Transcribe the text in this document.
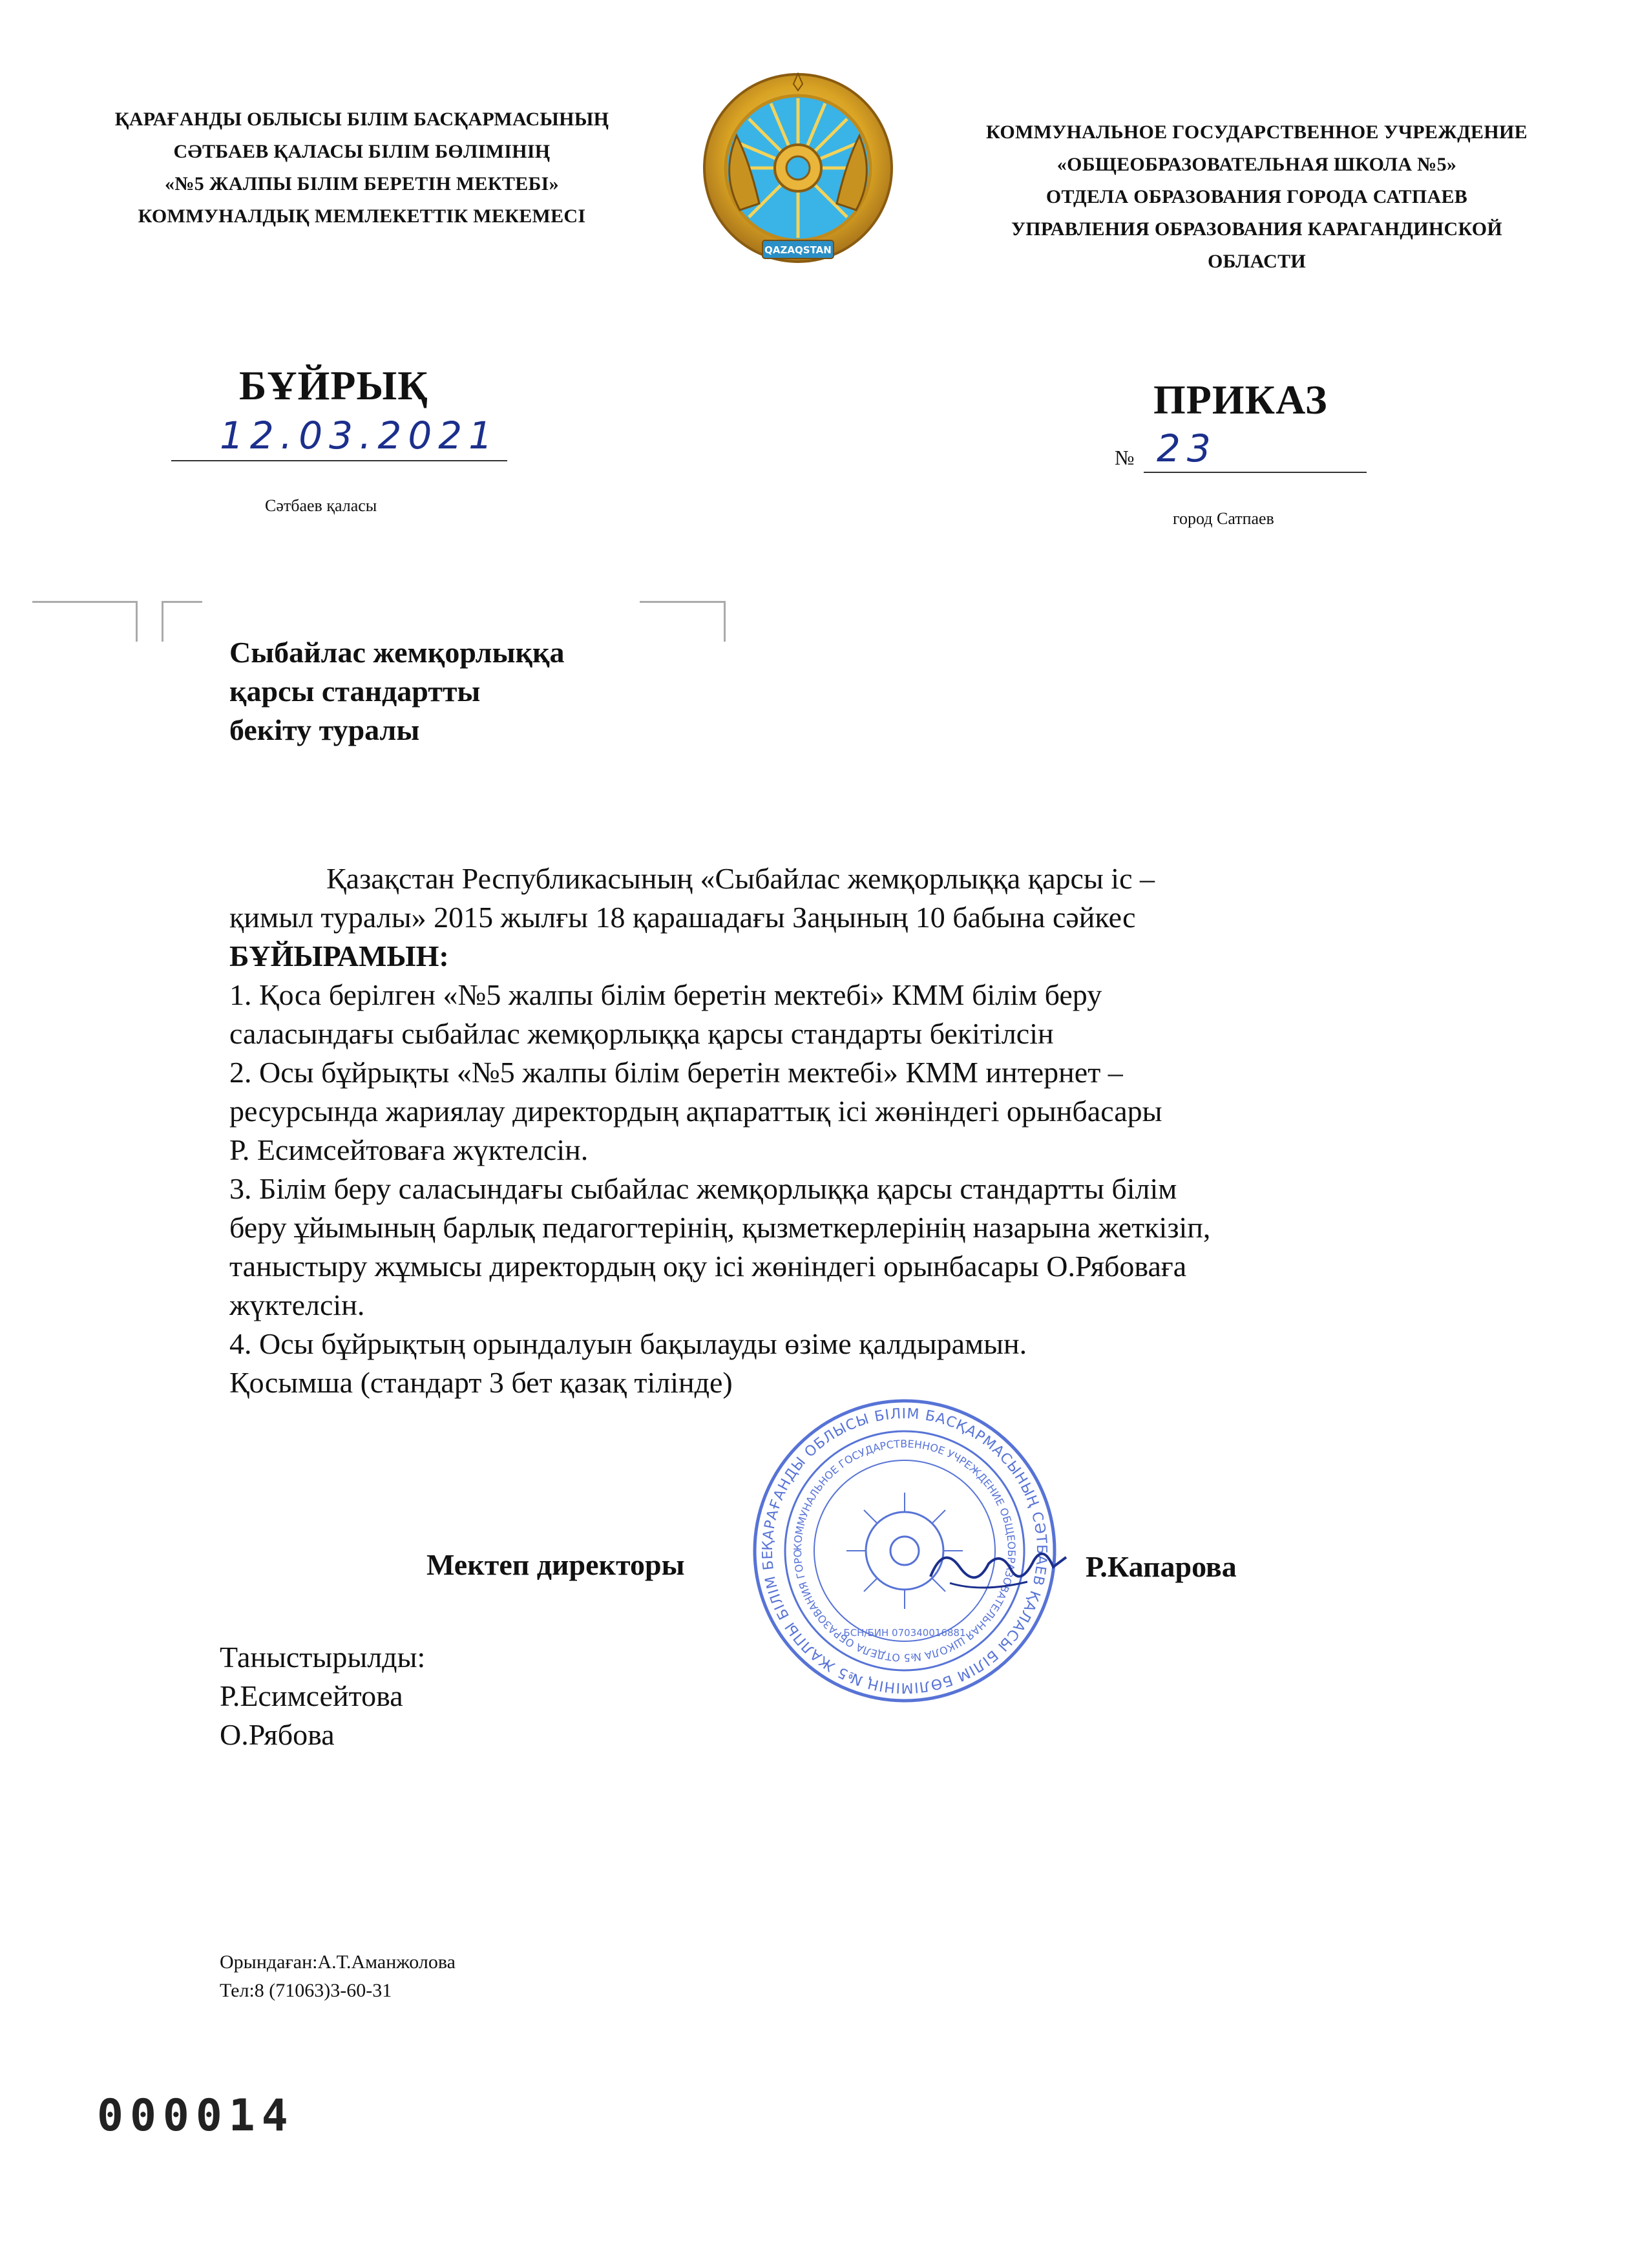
ҚАРАҒАНДЫ ОБЛЫСЫ БІЛІМ БАСҚАРМАСЫНЫҢ
СӘТБАЕВ ҚАЛАСЫ БІЛІМ БӨЛІМІНІҢ
«№5 ЖАЛПЫ БІЛІМ БЕРЕТІН МЕКТЕБІ»
КОММУНАЛДЫҚ МЕМЛЕКЕТТІК МЕКЕМЕСІ
QAZAQSTAN
КОММУНАЛЬНОЕ ГОСУДАРСТВЕННОЕ УЧРЕЖДЕНИЕ
«ОБЩЕОБРАЗОВАТЕЛЬНАЯ ШКОЛА №5»
ОТДЕЛА ОБРАЗОВАНИЯ ГОРОДА САТПАЕВ
УПРАВЛЕНИЯ ОБРАЗОВАНИЯ КАРАГАНДИНСКОЙ
ОБЛАСТИ
БҰЙРЫҚ	ПРИКАЗ
12.03.2021	№ 23
Сәтбаев қаласы
город Сатпаев
Сыбайлас жемқорлыққа
қарсы стандартты
бекіту туралы
Қазақстан Республикасының «Сыбайлас жемқорлыққа қарсы іс –
қимыл туралы» 2015 жылғы 18 қарашадағы Заңының 10 бабына сәйкес
БҰЙЫРАМЫН:
1. Қоса берілген «№5 жалпы білім беретін мектебі» КММ білім беру
саласындағы сыбайлас жемқорлыққа қарсы стандарты бекітілсін
2. Осы бұйрықты «№5 жалпы білім беретін мектебі» КММ интернет –
ресурсында жариялау директордың ақпараттық ісі жөніндегі орынбасары
Р. Есимсейтоваға жүктелсін.
3. Білім беру саласындағы сыбайлас жемқорлыққа қарсы стандартты білім
беру ұйымының барлық педагогтерінің, қызметкерлерінің назарына жеткізіп,
таныстыру жұмысы директордың оқу ісі жөніндегі орынбасары О.Рябоваға
жүктелсін.
4. Осы бұйрықтың орындалуын бақылауды өзіме қалдырамын.
Қосымша (стандарт 3 бет қазақ тілінде)
ҚАРАҒАНДЫ ОБЛЫСЫ БІЛІМ БАСҚАРМАСЫНЫҢ СӘТБАЕВ ҚАЛАСЫ БІЛІМ БӨЛІМІНІҢ №5 ЖАЛПЫ БІЛІМ БЕ
КОММУНАЛЬНОЕ ГОСУДАРСТВЕННОЕ УЧРЕЖДЕНИЕ ОБЩЕОБРАЗОВАТЕЛЬНАЯ ШКОЛА №5 ОТДЕЛА ОБРАЗОВАНИЯ ГОРО
БСН/БИН 070340016881
Мектеп директоры	Р.Капарова
Таныстырылды:
Р.Есимсейтова
О.Рябова
Орындаған:А.Т.Аманжолова
Тел:8 (71063)3-60-31
000014
